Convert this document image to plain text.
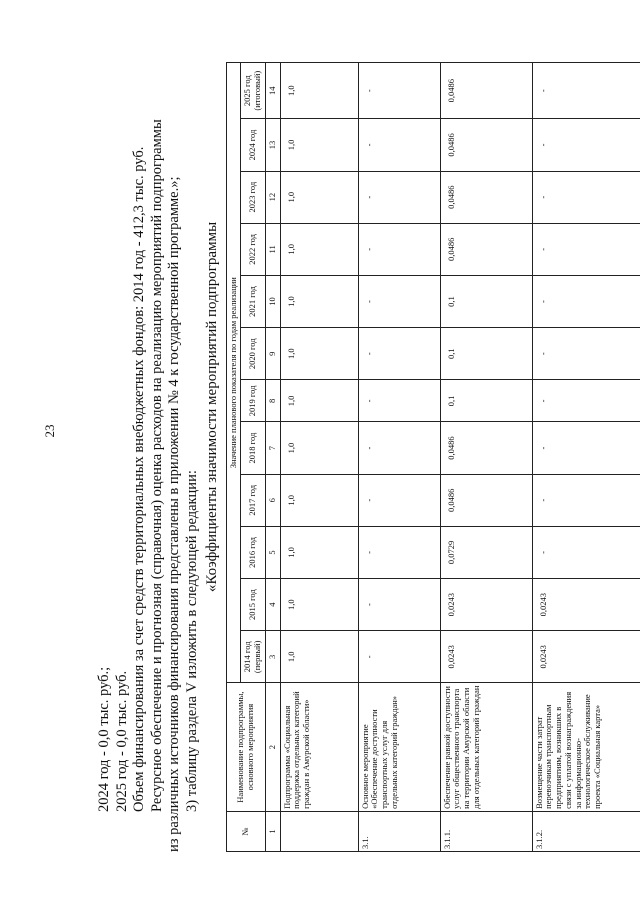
23
2024 год - 0,0 тыс. руб.; 2025 год - 0,0 тыс. руб. Объем финансирования за счет средств территориальных внебюджетных фондов: 2014 год - 412,3 тыс. руб. Ресурсное обеспечение и прогнозная (справочная) оценка расходов на реализацию мероприятий подпрограммы из различных источников финансирования представлены в приложении № 4 к государственной программе.»; 3) таблицу раздела V изложить в следующей редакции:
«Коэффициенты значимости мероприятий подпрограммы
№	Наименование подпрограммы, основного мероприятия	Значение планового показателя по годам реализации											
		2014 год (первый)	2015 год	2016 год	2017 год	2018 год	2019 год	2020 год	2021 год	2022 год	2023 год	2024 год	2025 год (итоговый)
1	2	3	4	5	6	7	8	9	10	11	12	13	14
	Подпрограмма «Социальная поддержка отдельных категорий граждан в Амурской области»	1,0	1,0	1,0	1,0	1,0	1,0	1,0	1,0	1,0	1,0	1,0	1,0
3.1.	Основное мероприятие «Обеспечение доступности транспортных услуг для отдельных категорий граждан»	-	-	-	-	-	-	-	-	-	-	-	-
3.1.1.	Обеспечение равной доступности услуг общественного транспорта на территории Амурской области для отдельных категорий граждан	0,0243	0,0243	0,0729	0,0486	0,0486	0,1	0,1	0,1	0,0486	0,0486	0,0486	0,0486
3.1.2.	Возмещение части затрат перевозчикам транспортным предприятиям, возникших в связи с уплатой вознаграждения за информационно-технологическое обслуживание проекта «Социальная карта»	0,0243	0,0243	-	-	-	-	-	-	-	-	-	-
